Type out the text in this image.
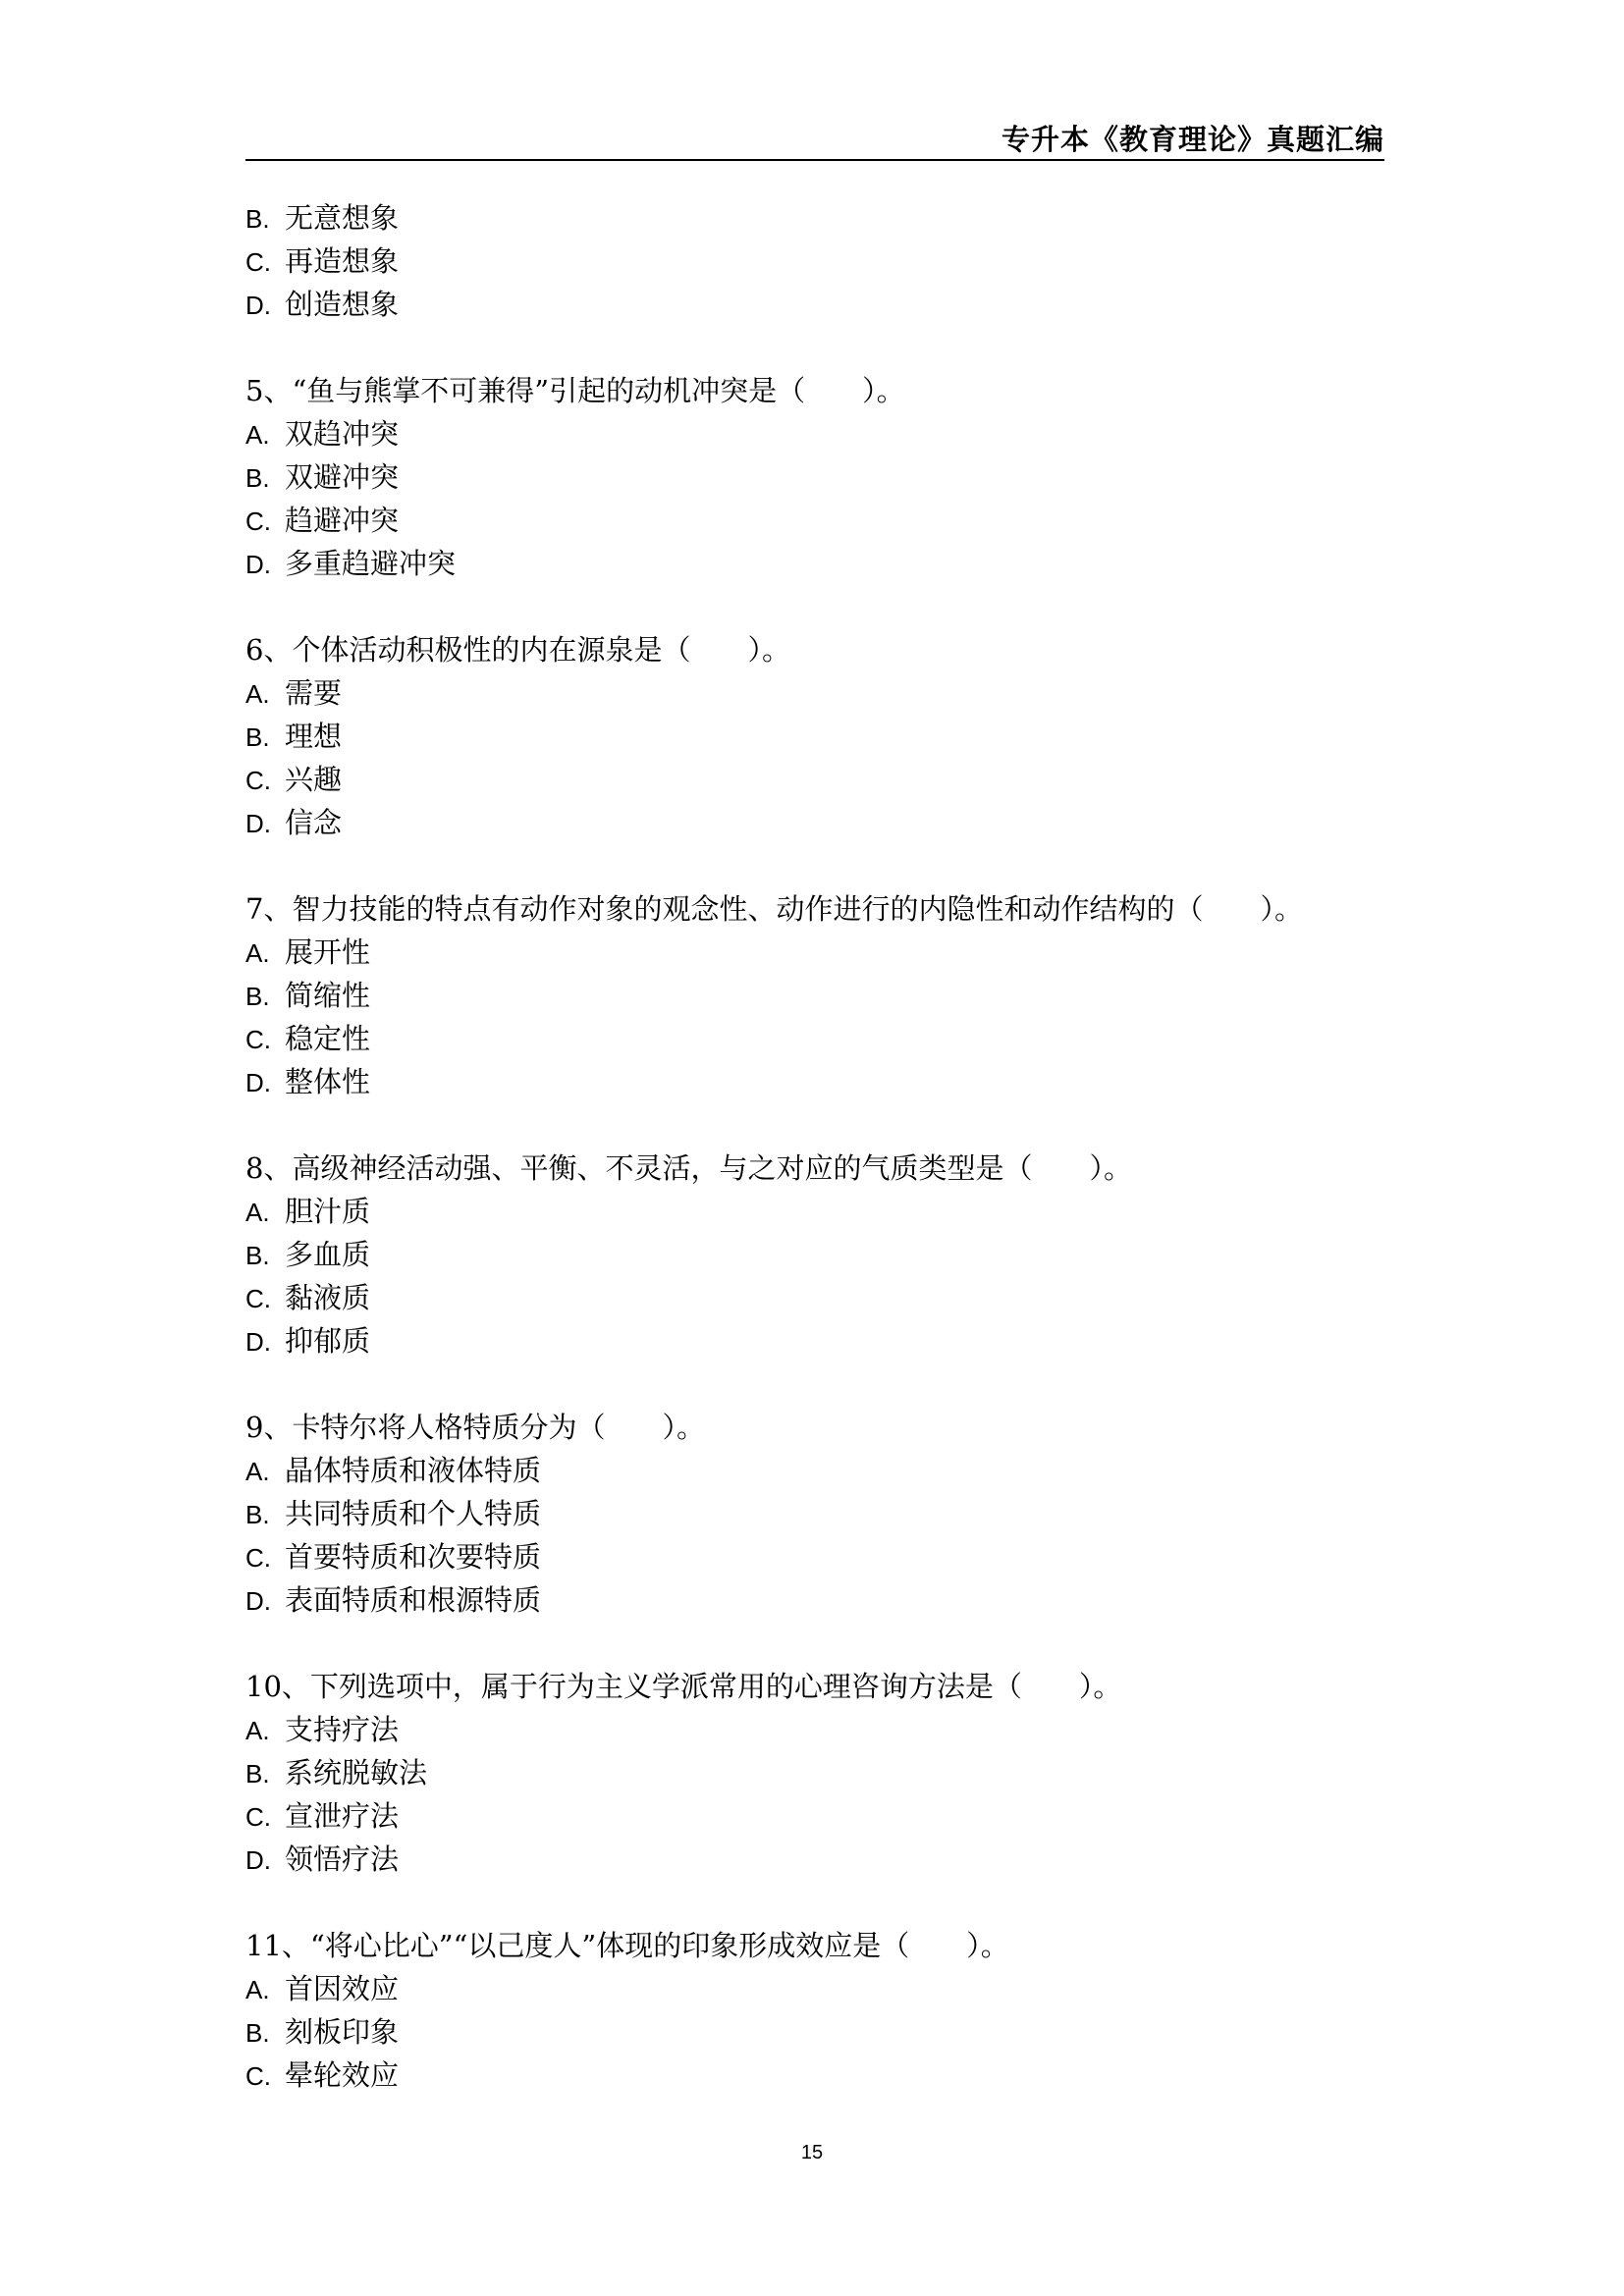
专升本《教育理论》真题汇编
B. 无意想象
C. 再造想象
D. 创造想象
5、“鱼与熊掌不可兼得”引起的动机冲突是（　　）。
A. 双趋冲突
B. 双避冲突
C. 趋避冲突
D. 多重趋避冲突
6、个体活动积极性的内在源泉是（　　）。
A. 需要
B. 理想
C. 兴趣
D. 信念
7、智力技能的特点有动作对象的观念性、动作进行的内隐性和动作结构的（　　）。
A. 展开性
B. 简缩性
C. 稳定性
D. 整体性
8、高级神经活动强、平衡、不灵活，与之对应的气质类型是（　　）。
A. 胆汁质
B. 多血质
C. 黏液质
D. 抑郁质
9、卡特尔将人格特质分为（　　）。
A. 晶体特质和液体特质
B. 共同特质和个人特质
C. 首要特质和次要特质
D. 表面特质和根源特质
10、下列选项中，属于行为主义学派常用的心理咨询方法是（　　）。
A. 支持疗法
B. 系统脱敏法
C. 宣泄疗法
D. 领悟疗法
11、“将心比心”“以己度人”体现的印象形成效应是（　　）。
A. 首因效应
B. 刻板印象
C. 晕轮效应
15
